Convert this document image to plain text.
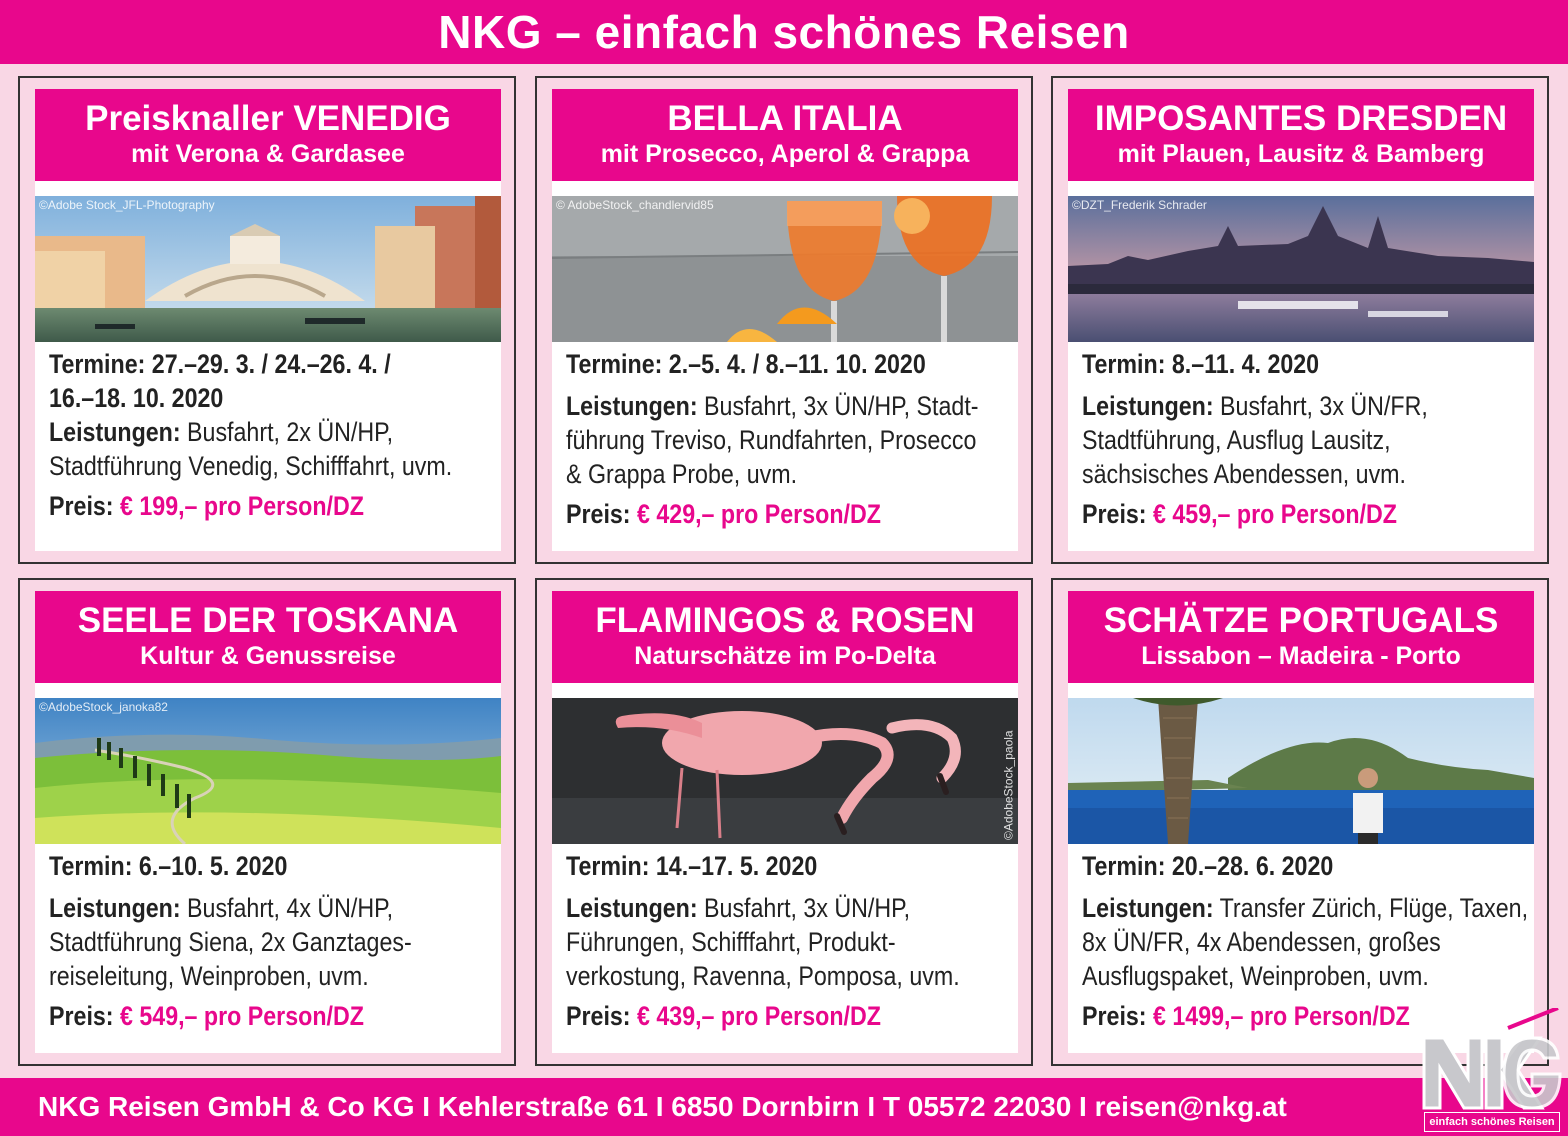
NKG – einfach schönes Reisen
Preisknaller VENEDIG
mit Verona & Gardasee
©Adobe Stock_JFL-Photography
Termine: 27.–29. 3. / 24.–26. 4. /
16.–18. 10. 2020
Leistungen: Busfahrt, 2x ÜN/HP,
Stadtführung Venedig, Schifffahrt, uvm.
Preis: € 199,– pro Person/DZ
BELLA ITALIA
mit Prosecco, Aperol & Grappa
© AdobeStock_chandlervid85
Termine: 2.–5. 4. / 8.–11. 10. 2020
Leistungen: Busfahrt, 3x ÜN/HP, Stadt-
führung Treviso, Rundfahrten, Prosecco
& Grappa Probe, uvm.
Preis: € 429,– pro Person/DZ
IMPOSANTES DRESDEN
mit Plauen, Lausitz & Bamberg
©DZT_Frederik Schrader
Termin: 8.–11. 4. 2020
Leistungen: Busfahrt, 3x ÜN/FR,
Stadtführung, Ausflug Lausitz,
sächsisches Abendessen, uvm.
Preis: € 459,– pro Person/DZ
SEELE DER TOSKANA
Kultur & Genussreise
©AdobeStock_janoka82
Termin: 6.–10. 5. 2020
Leistungen: Busfahrt, 4x ÜN/HP,
Stadtführung Siena, 2x Ganztages-
reiseleitung, Weinproben, uvm.
Preis: € 549,– pro Person/DZ
FLAMINGOS & ROSEN
Naturschätze im Po-Delta
©AdobeStock_paola
Termin: 14.–17. 5. 2020
Leistungen: Busfahrt, 3x ÜN/HP,
Führungen, Schifffahrt, Produkt-
verkostung, Ravenna, Pomposa, uvm.
Preis: € 439,– pro Person/DZ
SCHÄTZE PORTUGALS
Lissabon – Madeira - Porto
Termin: 20.–28. 6. 2020
Leistungen: Transfer Zürich, Flüge, Taxen,
8x ÜN/FR, 4x Abendessen, großes
Ausflugspaket, Weinproben, uvm.
Preis: € 1499,– pro Person/DZ
NKG Reisen GmbH & Co KG I Kehlerstraße 61 I 6850 Dornbirn I T 05572 22030 I reisen@nkg.at	einfach schönes Reisen
